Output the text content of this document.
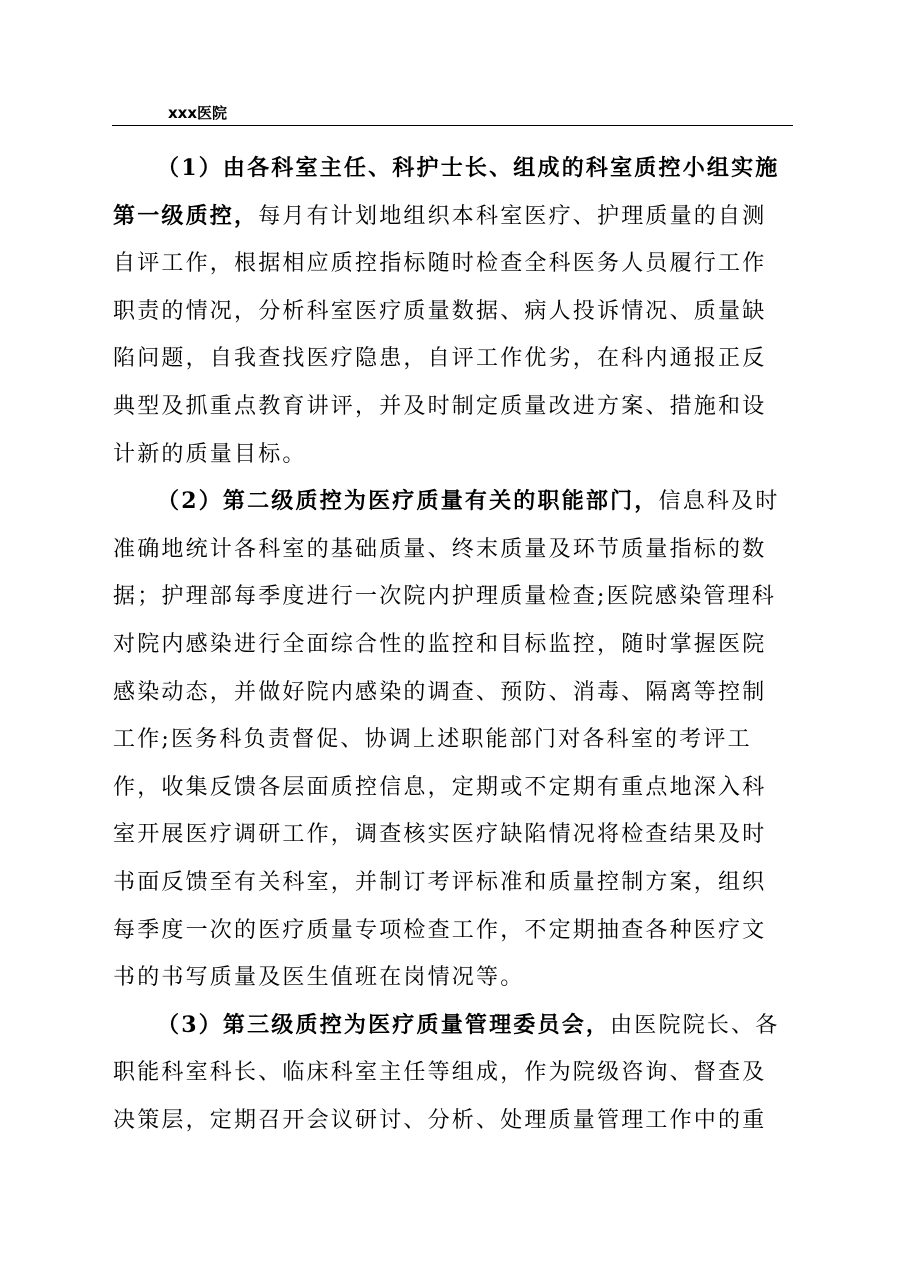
xxx医院
（1）由各科室主任、科护士长、组成的科室质控小组实施
第一级质控，每月有计划地组织本科室医疗、护理质量的自测
自评工作，根据相应质控指标随时检查全科医务人员履行工作
职责的情况，分析科室医疗质量数据、病人投诉情况、质量缺
陷问题，自我查找医疗隐患，自评工作优劣，在科内通报正反
典型及抓重点教育讲评，并及时制定质量改进方案、措施和设
计新的质量目标。
（2）第二级质控为医疗质量有关的职能部门，信息科及时
准确地统计各科室的基础质量、终末质量及环节质量指标的数
据；护理部每季度进行一次院内护理质量检查;医院感染管理科
对院内感染进行全面综合性的监控和目标监控，随时掌握医院
感染动态，并做好院内感染的调查、预防、消毒、隔离等控制
工作;医务科负责督促、协调上述职能部门对各科室的考评工
作，收集反馈各层面质控信息，定期或不定期有重点地深入科
室开展医疗调研工作，调查核实医疗缺陷情况将检查结果及时
书面反馈至有关科室，并制订考评标准和质量控制方案，组织
每季度一次的医疗质量专项检查工作，不定期抽查各种医疗文
书的书写质量及医生值班在岗情况等。
（3）第三级质控为医疗质量管理委员会，由医院院长、各
职能科室科长、临床科室主任等组成，作为院级咨询、督查及
决策层，定期召开会议研讨、分析、处理质量管理工作中的重
